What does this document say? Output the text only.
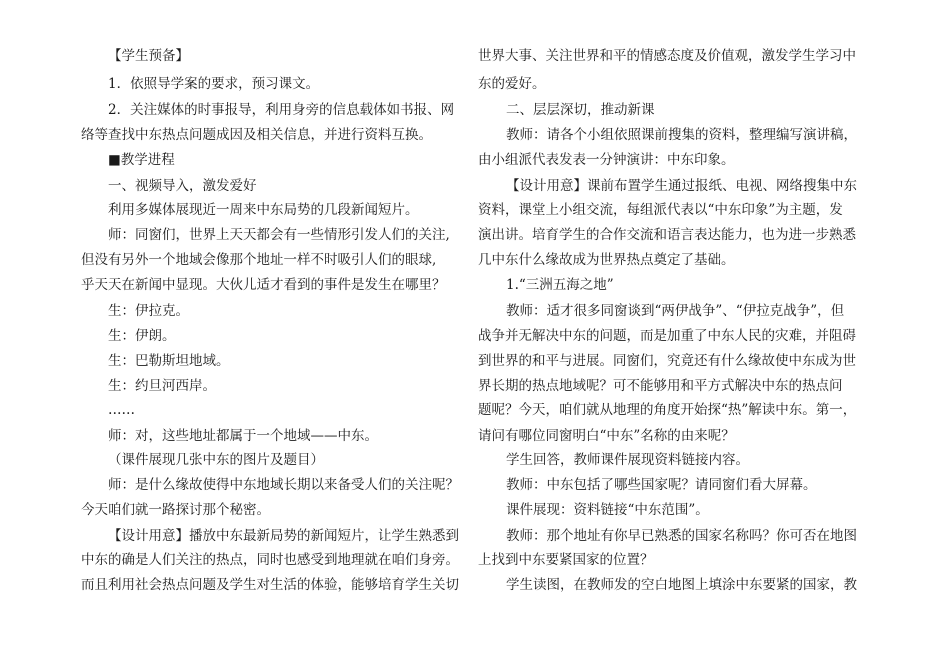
【学生预备】
1．依照导学案的要求，预习课文。
2．关注媒体的时事报导，利用身旁的信息载体如书报、网
络等查找中东热点问题成因及相关信息，并进行资料互换。
■教学进程
一、视频导入，激发爱好
利用多媒体展现近一周来中东局势的几段新闻短片。
师：同窗们，世界上天天都会有一些情形引发人们的关注,
但没有另外一个地域会像那个地址一样不时吸引人们的眼球,
乎天天在新闻中显现。大伙儿适才看到的事件是发生在哪里？
生：伊拉克。
生：伊朗。
生：巴勒斯坦地域。
生：约旦河西岸。
……
师：对，这些地址都属于一个地域——中东。
（课件展现几张中东的图片及题目）
师：是什么缘故使得中东地域长期以来备受人们的关注呢？
今天咱们就一路探讨那个秘密。
【设计用意】播放中东最新局势的新闻短片，让学生熟悉到
中东的确是人们关注的热点，同时也感受到地理就在咱们身旁。
而且利用社会热点问题及学生对生活的体验，能够培育学生关切
世界大事、关注世界和平的情感态度及价值观，激发学生学习中
东的爱好。
二、层层深切，推动新课
教师：请各个小组依照课前搜集的资料，整理编写演讲稿，
由小组派代表发表一分钟演讲：中东印象。
【设计用意】课前布置学生通过报纸、电视、网络搜集中东
资料，课堂上小组交流，每组派代表以“中东印象”为主题，发
演出讲。培育学生的合作交流和语言表达能力，也为进一步熟悉
几中东什么缘故成为世界热点奠定了基础。
1.“三洲五海之地”
教师：适才很多同窗谈到“两伊战争”、“伊拉克战争”，但
战争并无解决中东的问题，而是加重了中东人民的灾难，并阻碍
到世界的和平与进展。同窗们，究竟还有什么缘故使中东成为世
界长期的热点地域呢？可不能够用和平方式解决中东的热点问
题呢？今天，咱们就从地理的角度开始探“热”解读中东。第一，
请问有哪位同窗明白“中东”名称的由来呢？
学生回答，教师课件展现资料链接内容。
教师：中东包括了哪些国家呢？请同窗们看大屏幕。
课件展现：资料链接“中东范围”。
教师：那个地址有你早已熟悉的国家名称吗？你可否在地图
上找到中东要紧国家的位置？
学生读图，在教师发的空白地图上填涂中东要紧的国家，教
